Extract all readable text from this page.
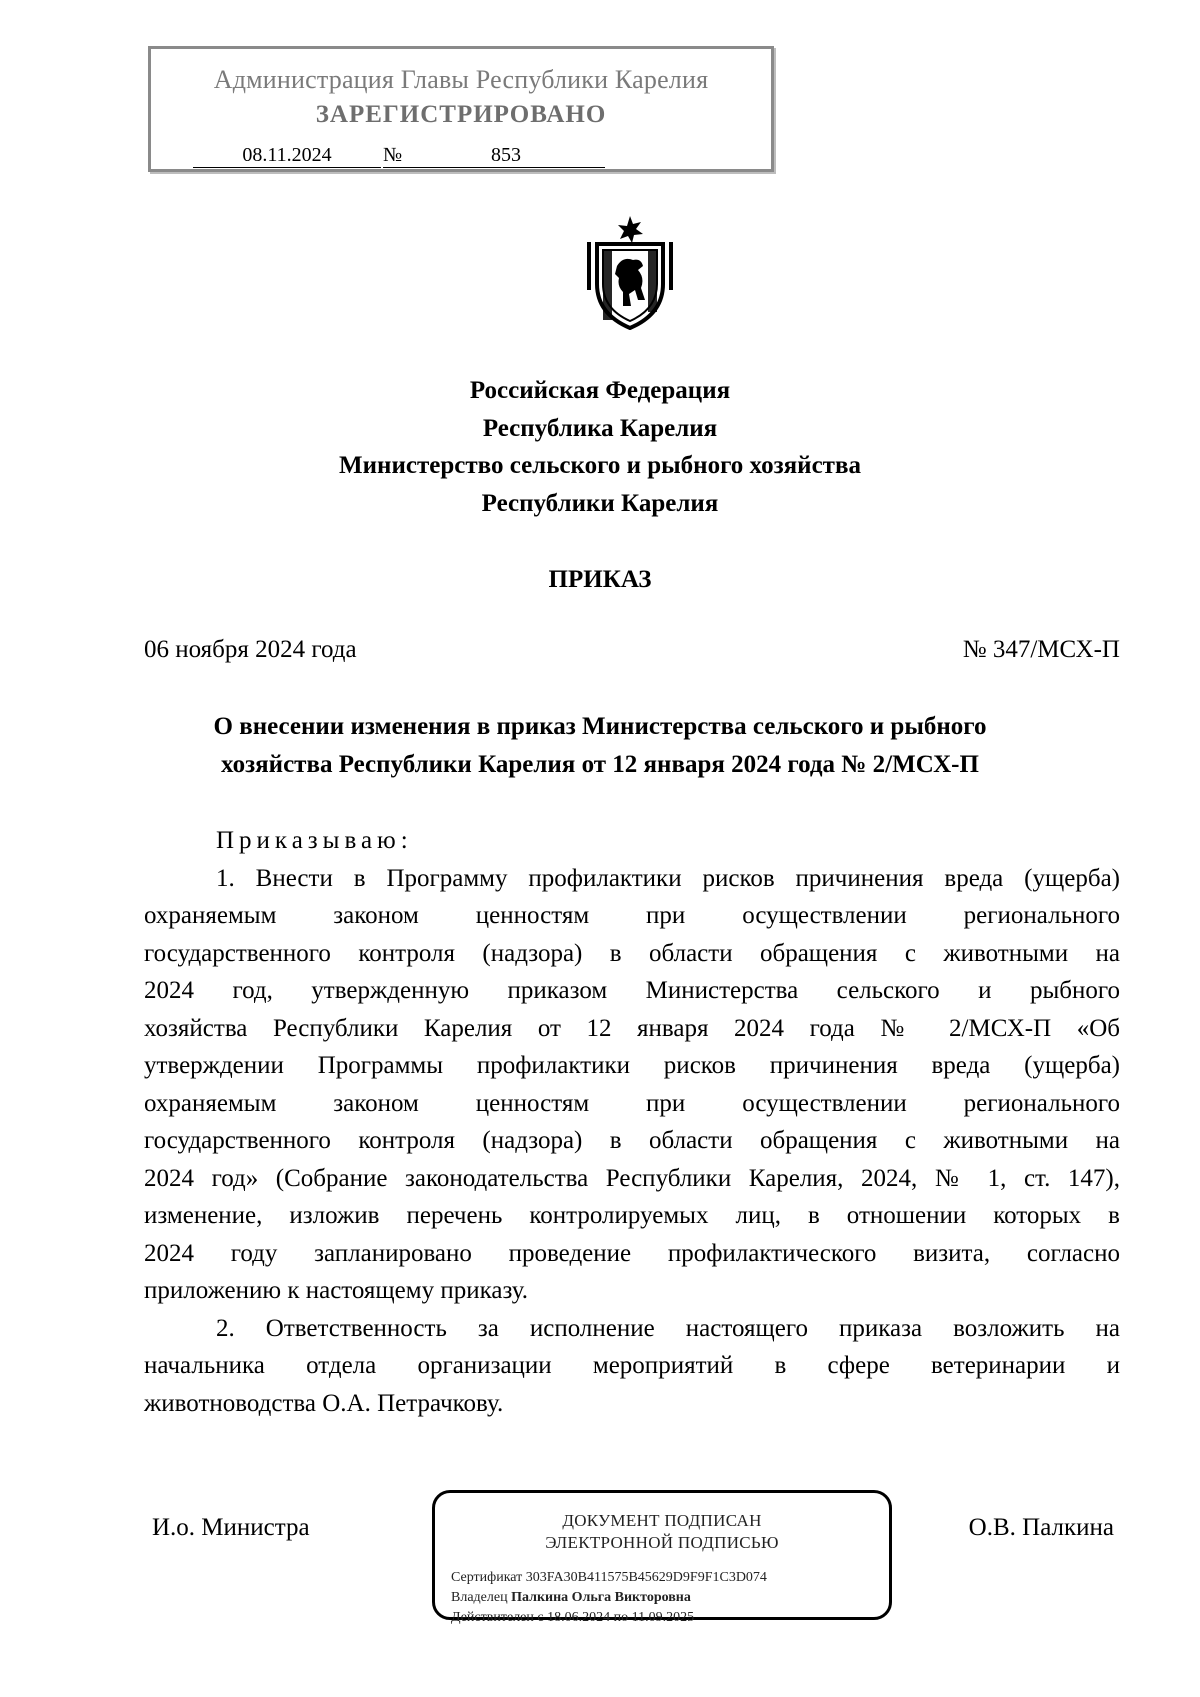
Администрация Главы Республики Карелия
ЗАРЕГИСТРИРОВАНО
08.11.2024	№	853
Российская Федерация
Республика Карелия
Министерство сельского и рыбного хозяйства
Республики Карелия
ПРИКАЗ
06 ноября 2024 года	№ 347/МСХ-П
О внесении изменения в приказ Министерства сельского и рыбного
хозяйства Республики Карелия от 12 января 2024 года № 2/МСХ-П
Приказываю:
1. Внести в Программу профилактики рисков причинения вреда (ущерба)
охраняемым законом ценностям при осуществлении регионального
государственного контроля (надзора) в области обращения с животными на
2024 год, утвержденную приказом Министерства сельского и рыбного
хозяйства Республики Карелия от 12 января 2024 года № 2/МСХ-П «Об
утверждении Программы профилактики рисков причинения вреда (ущерба)
охраняемым законом ценностям при осуществлении регионального
государственного контроля (надзора) в области обращения с животными на
2024 год» (Собрание законодательства Республики Карелия, 2024, № 1, ст. 147),
изменение, изложив перечень контролируемых лиц, в отношении которых в
2024 году запланировано проведение профилактического визита, согласно
приложению к настоящему приказу.
2. Ответственность за исполнение настоящего приказа возложить на
начальника отдела организации мероприятий в сфере ветеринарии и
животноводства О.А. Петрачкову.
И.о. Министра	ДОКУМЕНТ ПОДПИСАН
ЭЛЕКТРОННОЙ ПОДПИСЬЮ
Сертификат 303FA30B411575B45629D9F9F1C3D074
Владелец Палкина Ольга Викторовна
Действителен с 18.06.2024 по 11.09.2025
О.В. Палкина
